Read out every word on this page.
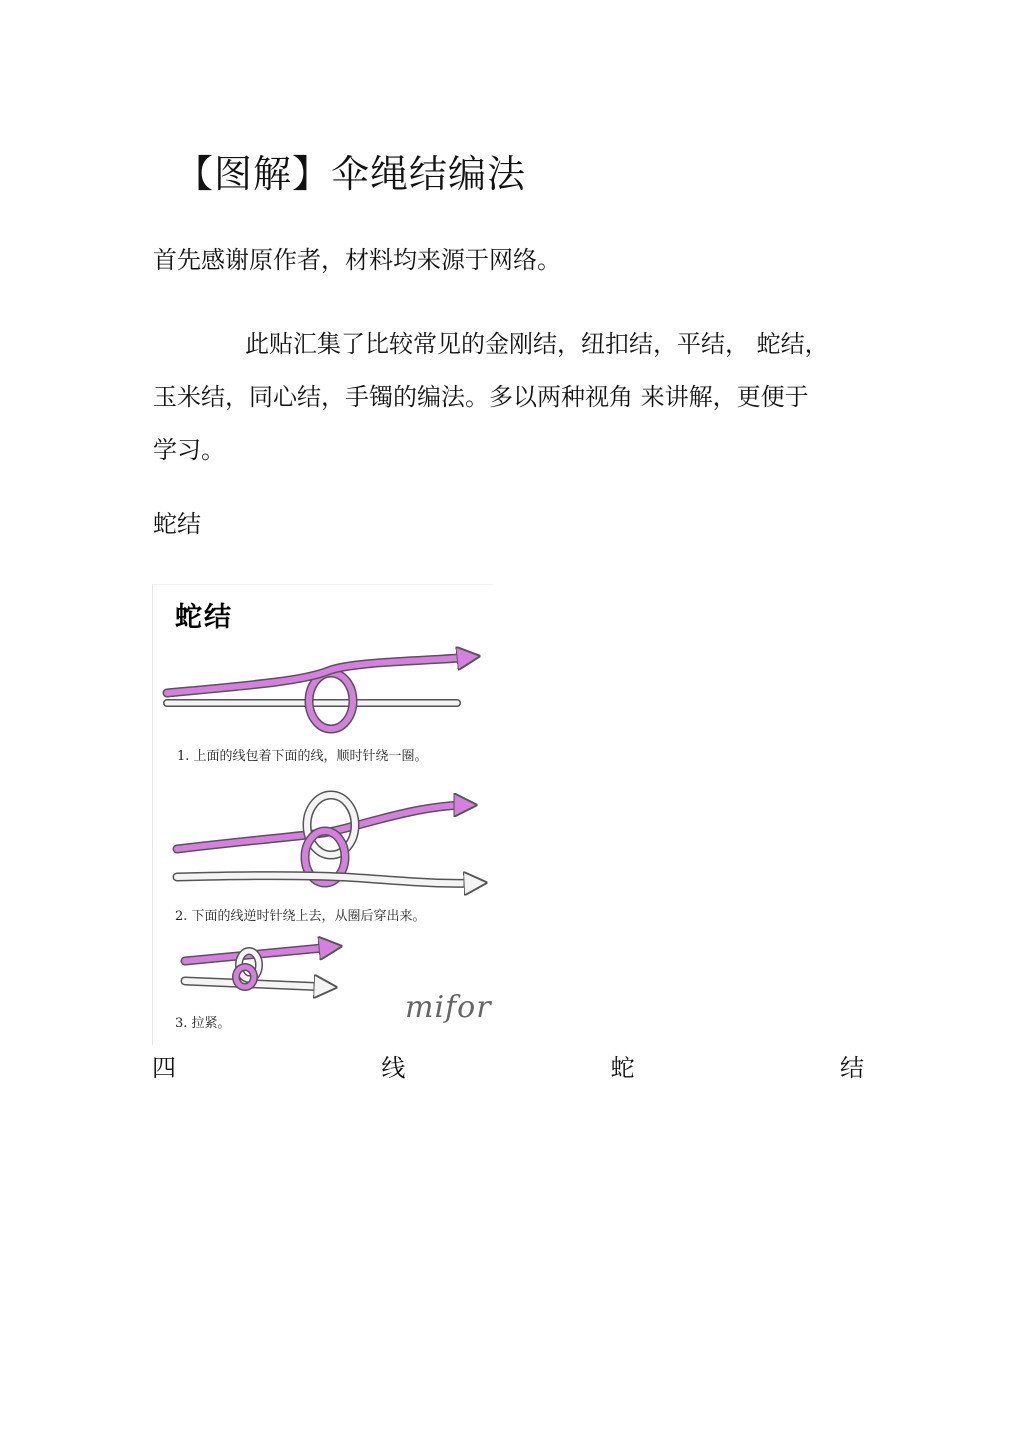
【图解】伞绳结编法

首先感谢原作者，材料均来源于网络。

此贴汇集了比较常见的金刚结，纽扣结，平结， 蛇结，
玉米结，同心结，手镯的编法。多以两种视角 来讲解，更便于
学习。

蛇结

蛇结
1. 上面的线包着下面的线，顺时针绕一圈。
2. 下面的线逆时针绕上去，从圈后穿出来。
3. 拉紧。	mifor
四	线	蛇	结
